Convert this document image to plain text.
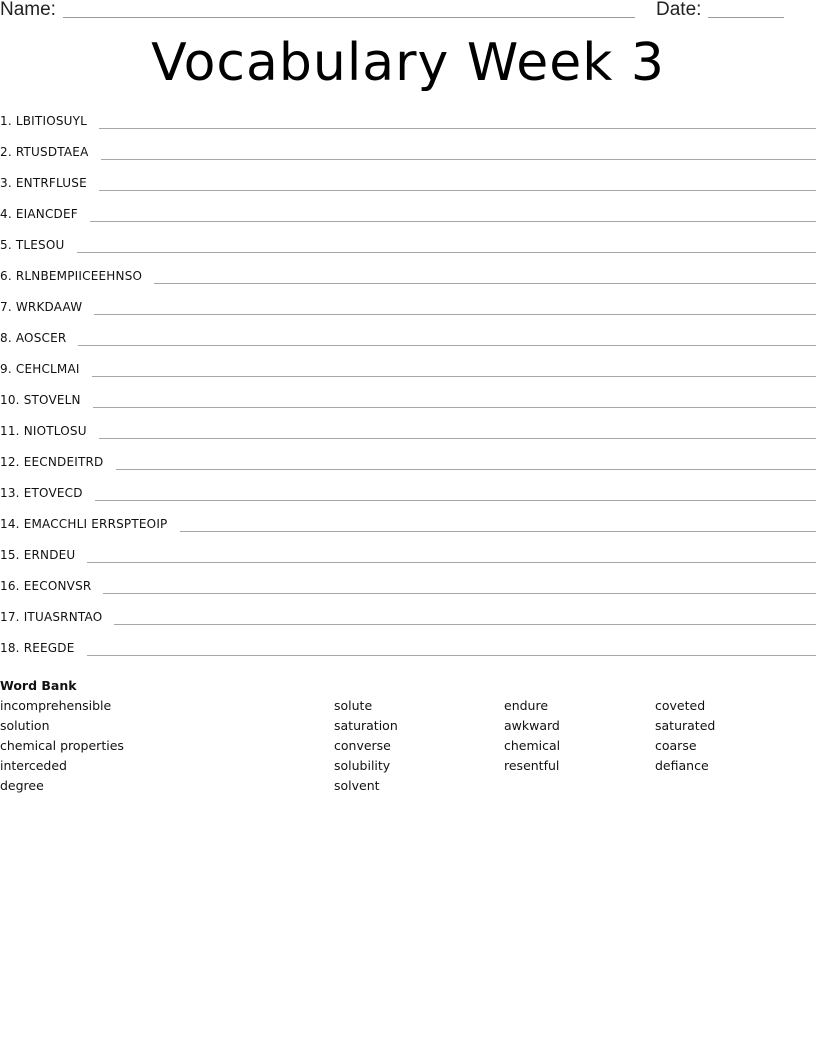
Name:	Date:
Vocabulary Week 3
1. LBITIOSUYL
2. RTUSDTAEA
3. ENTRFLUSE
4. EIANCDEF
5. TLESOU
6. RLNBEMPIICEEHNSO
7. WRKDAAW
8. AOSCER
9. CEHCLMAI
10. STOVELN
11. NIOTLOSU
12. EECNDEITRD
13. ETOVECD
14. EMACCHLI ERRSPTEOIP
15. ERNDEU
16. EECONVSR
17. ITUASRNTAO
18. REEGDE
Word Bank
incomprehensible
solution
chemical properties
interceded
degree
solute
saturation
converse
solubility
solvent
endure
awkward
chemical
resentful
coveted
saturated
coarse
defiance
